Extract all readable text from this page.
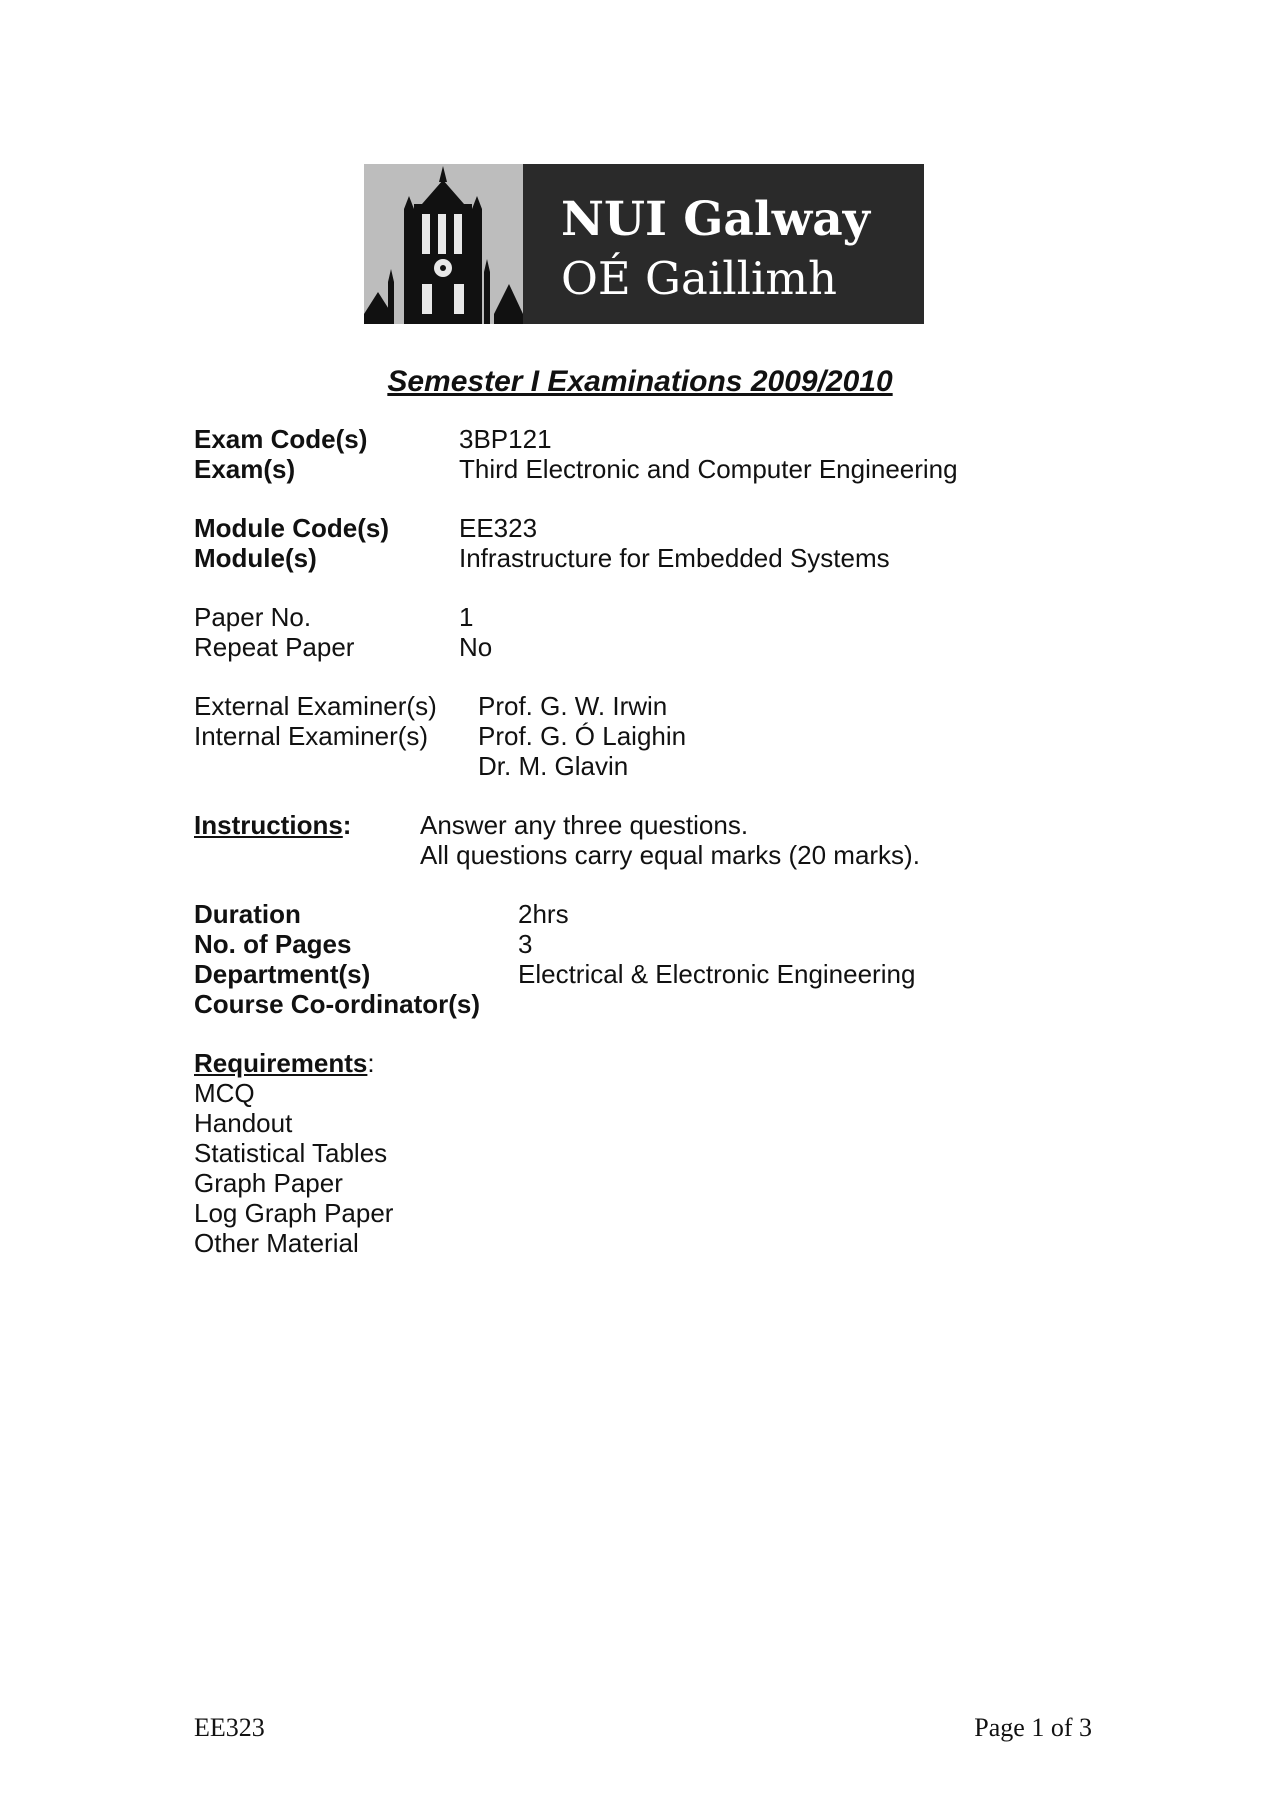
NUI Galway
OÉ Gaillimh
Semester I Examinations 2009/2010
Exam Code(s)	3BP121
Exam(s)	Third Electronic and Computer Engineering
Module Code(s)	EE323
Module(s)	Infrastructure for Embedded Systems
Paper No.	1
Repeat Paper	No
External Examiner(s) Prof. G. W. Irwin
Internal Examiner(s) Prof. G. Ó Laighin
Dr. M. Glavin
Instructions:	Answer any three questions.
All questions carry equal marks (20 marks).
Duration	2hrs
No. of Pages	3
Department(s)	Electrical & Electronic Engineering
Course Co-ordinator(s)
Requirements:
MCQ
Handout
Statistical Tables
Graph Paper
Log Graph Paper
Other Material
EE323	Page 1 of 3
